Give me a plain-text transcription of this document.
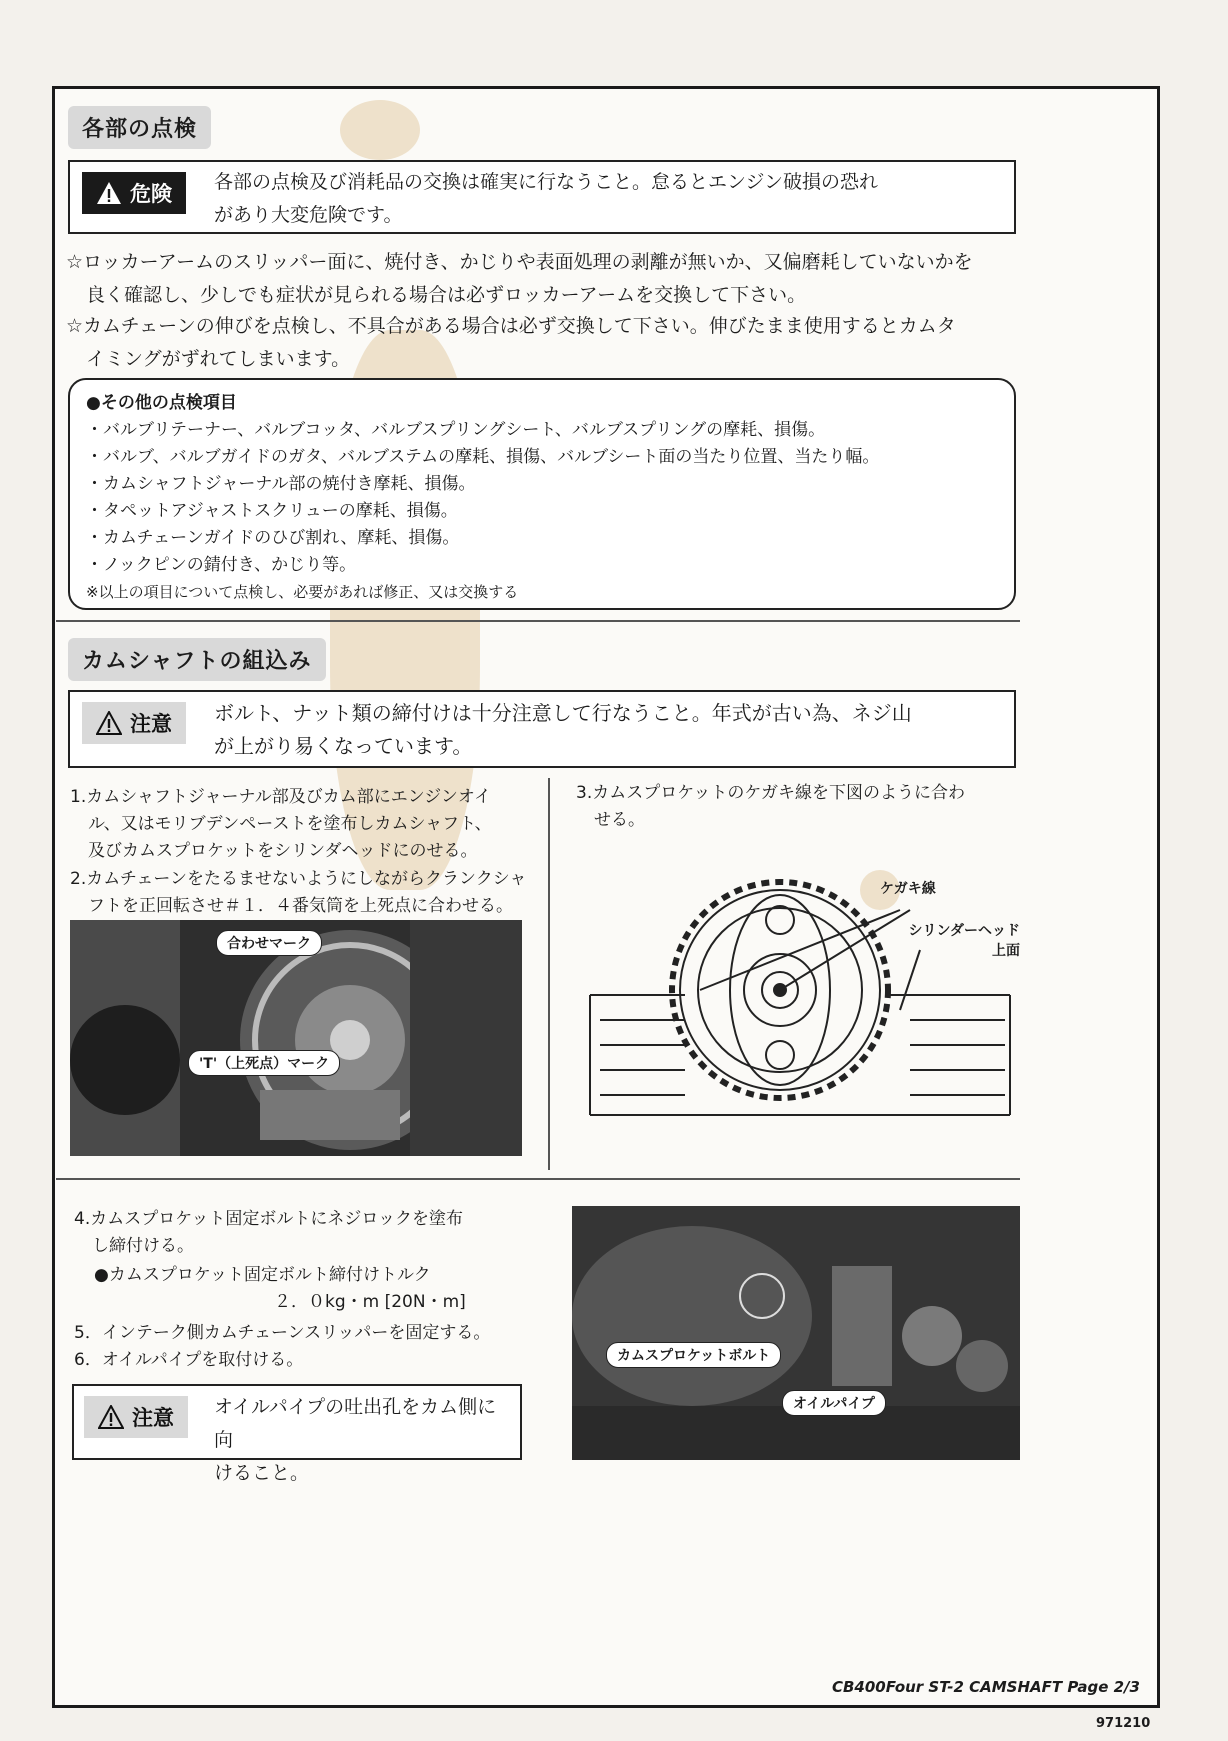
各部の点検
危険 各部の点検及び消耗品の交換は確実に行なうこと。怠るとエンジン破損の恐れ
があり大変危険です。
☆ロッカーアームのスリッパー面に、焼付き、かじりや表面処理の剥離が無いか、又偏磨耗していないかを
良く確認し、少しでも症状が見られる場合は必ずロッカーアームを交換して下さい。
☆カムチェーンの伸びを点検し、不具合がある場合は必ず交換して下さい。伸びたまま使用するとカムタ
イミングがずれてしまいます。
●その他の点検項目
・バルブリテーナー、バルブコッタ、バルブスプリングシート、バルブスプリングの摩耗、損傷。
・バルブ、バルブガイドのガタ、バルブステムの摩耗、損傷、バルブシート面の当たり位置、当たり幅。
・カムシャフトジャーナル部の焼付き摩耗、損傷。
・タペットアジャストスクリューの摩耗、損傷。
・カムチェーンガイドのひび割れ、摩耗、損傷。
・ノックピンの錆付き、かじり等。
※以上の項目について点検し、必要があれば修正、又は交換する
カムシャフトの組込み
注意 ボルト、ナット類の締付けは十分注意して行なうこと。年式が古い為、ネジ山
が上がり易くなっています。
1.カムシャフトジャーナル部及びカム部にエンジンオイ
ル、又はモリブデンペーストを塗布しカムシャフト、
及びカムスプロケットをシリンダヘッドにのせる。
2.カムチェーンをたるませないようにしながらクランクシャ
フトを正回転させ＃１．４番気筒を上死点に合わせる。
合わせマーク
'T'（上死点）マーク
3.カムスプロケットのケガキ線を下図のように合わ
せる。
ケガキ線
シリンダーヘッド
上面
4.カムスプロケット固定ボルトにネジロックを塗布
し締付ける。
●カムスプロケット固定ボルト締付けトルク
２．０kg・m [20N・m]
5．インテーク側カムチェーンスリッパーを固定する。
6．オイルパイプを取付ける。
注意 オイルパイプの吐出孔をカム側に向
けること。
カムスプロケットボルト
オイルパイプ
CB400Four ST-2 CAMSHAFT Page 2/3
971210
